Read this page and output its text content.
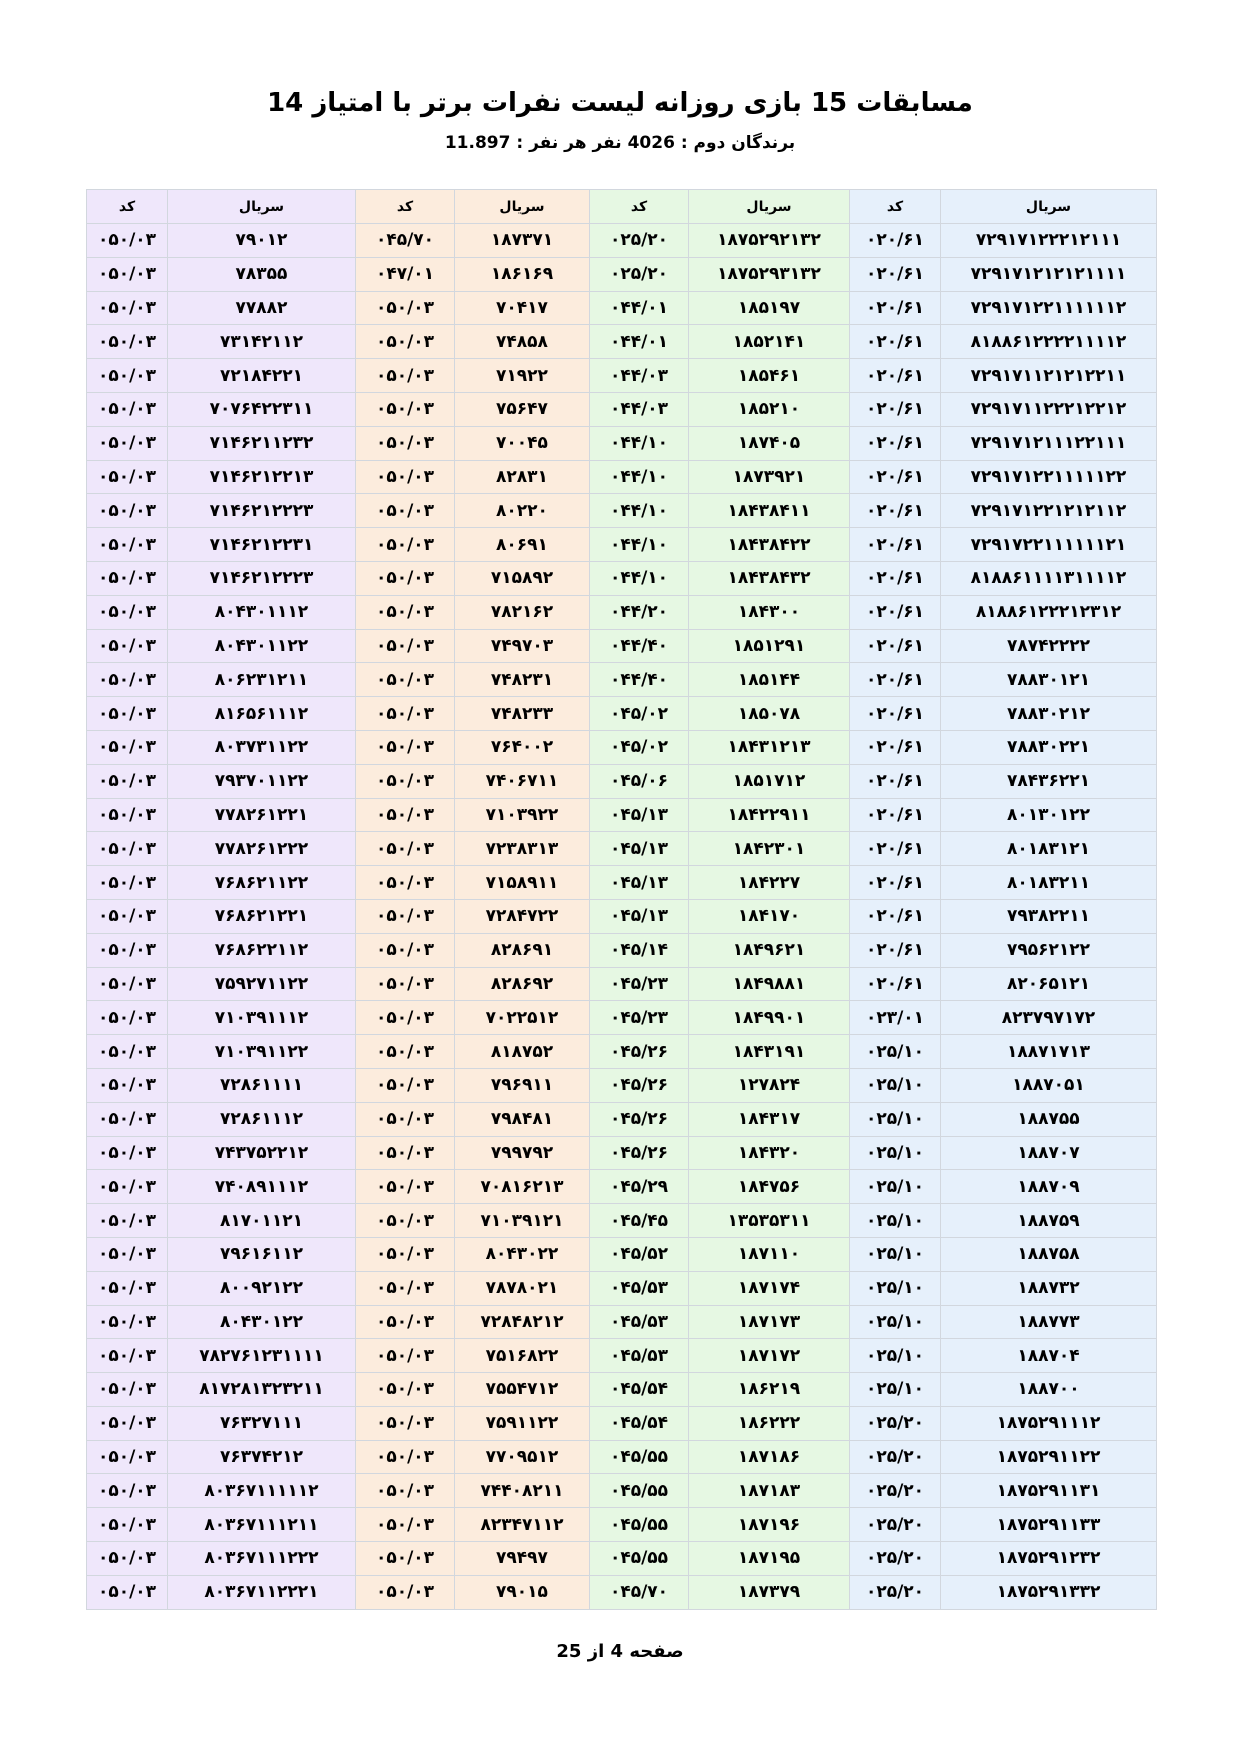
مسابقات 15 بازی روزانه لیست نفرات برتر با امتیاز 14
برندگان دوم : 4026 نفر هر نفر : 11.897
سریال	کد	سریال	کد	سریال	کد	سریال	کد
۷۲۹۱۷۱۲۲۲۱۲۱۱۱	۰۲۰/۶۱	۱۸۷۵۲۹۲۱۳۲	۰۲۵/۲۰	۱۸۷۳۷۱	۰۴۵/۷۰	۷۹۰۱۲	۰۵۰/۰۳
۷۲۹۱۷۱۲۱۲۱۲۱۱۱۱	۰۲۰/۶۱	۱۸۷۵۲۹۳۱۳۲	۰۲۵/۲۰	۱۸۶۱۶۹	۰۴۷/۰۱	۷۸۳۵۵	۰۵۰/۰۳
۷۲۹۱۷۱۲۲۱۱۱۱۱۱۲	۰۲۰/۶۱	۱۸۵۱۹۷	۰۴۴/۰۱	۷۰۴۱۷	۰۵۰/۰۳	۷۷۸۸۲	۰۵۰/۰۳
۸۱۸۸۶۱۲۲۲۲۱۱۱۱۲	۰۲۰/۶۱	۱۸۵۲۱۴۱	۰۴۴/۰۱	۷۴۸۵۸	۰۵۰/۰۳	۷۳۱۴۲۱۱۲	۰۵۰/۰۳
۷۲۹۱۷۱۱۲۱۲۱۲۲۱۱	۰۲۰/۶۱	۱۸۵۴۶۱	۰۴۴/۰۳	۷۱۹۲۲	۰۵۰/۰۳	۷۲۱۸۴۲۲۱	۰۵۰/۰۳
۷۲۹۱۷۱۱۲۲۲۱۲۲۱۲	۰۲۰/۶۱	۱۸۵۲۱۰	۰۴۴/۰۳	۷۵۶۴۷	۰۵۰/۰۳	۷۰۷۶۴۲۲۳۱۱	۰۵۰/۰۳
۷۲۹۱۷۱۲۱۱۱۲۲۱۱۱	۰۲۰/۶۱	۱۸۷۴۰۵	۰۴۴/۱۰	۷۰۰۴۵	۰۵۰/۰۳	۷۱۴۶۲۱۱۲۳۲	۰۵۰/۰۳
۷۲۹۱۷۱۲۲۱۱۱۱۱۲۲	۰۲۰/۶۱	۱۸۷۳۹۲۱	۰۴۴/۱۰	۸۲۸۳۱	۰۵۰/۰۳	۷۱۴۶۲۱۲۲۱۳	۰۵۰/۰۳
۷۲۹۱۷۱۲۲۱۲۱۲۱۱۲	۰۲۰/۶۱	۱۸۴۳۸۴۱۱	۰۴۴/۱۰	۸۰۲۲۰	۰۵۰/۰۳	۷۱۴۶۲۱۲۲۲۳	۰۵۰/۰۳
۷۲۹۱۷۲۲۱۱۱۱۱۱۲۱	۰۲۰/۶۱	۱۸۴۳۸۴۲۲	۰۴۴/۱۰	۸۰۶۹۱	۰۵۰/۰۳	۷۱۴۶۲۱۲۲۳۱	۰۵۰/۰۳
۸۱۸۸۶۱۱۱۱۳۱۱۱۱۲	۰۲۰/۶۱	۱۸۴۳۸۴۳۲	۰۴۴/۱۰	۷۱۵۸۹۲	۰۵۰/۰۳	۷۱۴۶۲۱۲۲۲۳	۰۵۰/۰۳
۸۱۸۸۶۱۲۲۲۱۲۳۱۲	۰۲۰/۶۱	۱۸۴۳۰۰	۰۴۴/۲۰	۷۸۲۱۶۲	۰۵۰/۰۳	۸۰۴۳۰۱۱۱۲	۰۵۰/۰۳
۷۸۷۴۲۲۲۲	۰۲۰/۶۱	۱۸۵۱۲۹۱	۰۴۴/۴۰	۷۴۹۷۰۳	۰۵۰/۰۳	۸۰۴۳۰۱۱۲۲	۰۵۰/۰۳
۷۸۸۳۰۱۲۱	۰۲۰/۶۱	۱۸۵۱۴۴	۰۴۴/۴۰	۷۴۸۲۳۱	۰۵۰/۰۳	۸۰۶۲۳۱۲۱۱	۰۵۰/۰۳
۷۸۸۳۰۲۱۲	۰۲۰/۶۱	۱۸۵۰۷۸	۰۴۵/۰۲	۷۴۸۲۳۳	۰۵۰/۰۳	۸۱۶۵۶۱۱۱۲	۰۵۰/۰۳
۷۸۸۳۰۲۲۱	۰۲۰/۶۱	۱۸۴۳۱۲۱۳	۰۴۵/۰۲	۷۶۴۰۰۲	۰۵۰/۰۳	۸۰۳۷۳۱۱۲۲	۰۵۰/۰۳
۷۸۴۳۶۲۲۱	۰۲۰/۶۱	۱۸۵۱۷۱۲	۰۴۵/۰۶	۷۴۰۶۷۱۱	۰۵۰/۰۳	۷۹۳۷۰۱۱۲۲	۰۵۰/۰۳
۸۰۱۳۰۱۲۲	۰۲۰/۶۱	۱۸۴۲۲۹۱۱	۰۴۵/۱۳	۷۱۰۳۹۲۲	۰۵۰/۰۳	۷۷۸۲۶۱۲۲۱	۰۵۰/۰۳
۸۰۱۸۳۱۲۱	۰۲۰/۶۱	۱۸۴۲۳۰۱	۰۴۵/۱۳	۷۲۳۸۳۱۳	۰۵۰/۰۳	۷۷۸۲۶۱۲۲۲	۰۵۰/۰۳
۸۰۱۸۳۲۱۱	۰۲۰/۶۱	۱۸۴۲۲۷	۰۴۵/۱۳	۷۱۵۸۹۱۱	۰۵۰/۰۳	۷۶۸۶۲۱۱۲۲	۰۵۰/۰۳
۷۹۳۸۲۲۱۱	۰۲۰/۶۱	۱۸۴۱۷۰	۰۴۵/۱۳	۷۲۸۴۷۲۲	۰۵۰/۰۳	۷۶۸۶۲۱۲۲۱	۰۵۰/۰۳
۷۹۵۶۲۱۲۲	۰۲۰/۶۱	۱۸۴۹۶۲۱	۰۴۵/۱۴	۸۲۸۶۹۱	۰۵۰/۰۳	۷۶۸۶۲۲۱۱۲	۰۵۰/۰۳
۸۲۰۶۵۱۲۱	۰۲۰/۶۱	۱۸۴۹۸۸۱	۰۴۵/۲۳	۸۲۸۶۹۲	۰۵۰/۰۳	۷۵۹۲۷۱۱۲۲	۰۵۰/۰۳
۸۲۳۷۹۷۱۷۲	۰۲۳/۰۱	۱۸۴۹۹۰۱	۰۴۵/۲۳	۷۰۲۲۵۱۲	۰۵۰/۰۳	۷۱۰۳۹۱۱۱۲	۰۵۰/۰۳
۱۸۸۷۱۷۱۳	۰۲۵/۱۰	۱۸۴۳۱۹۱	۰۴۵/۲۶	۸۱۸۷۵۲	۰۵۰/۰۳	۷۱۰۳۹۱۱۲۲	۰۵۰/۰۳
۱۸۸۷۰۵۱	۰۲۵/۱۰	۱۲۷۸۲۴	۰۴۵/۲۶	۷۹۶۹۱۱	۰۵۰/۰۳	۷۲۸۶۱۱۱۱	۰۵۰/۰۳
۱۸۸۷۵۵	۰۲۵/۱۰	۱۸۴۳۱۷	۰۴۵/۲۶	۷۹۸۴۸۱	۰۵۰/۰۳	۷۲۸۶۱۱۱۲	۰۵۰/۰۳
۱۸۸۷۰۷	۰۲۵/۱۰	۱۸۴۳۲۰	۰۴۵/۲۶	۷۹۹۷۹۲	۰۵۰/۰۳	۷۴۳۷۵۲۲۱۲	۰۵۰/۰۳
۱۸۸۷۰۹	۰۲۵/۱۰	۱۸۴۷۵۶	۰۴۵/۲۹	۷۰۸۱۶۲۱۳	۰۵۰/۰۳	۷۴۰۸۹۱۱۱۲	۰۵۰/۰۳
۱۸۸۷۵۹	۰۲۵/۱۰	۱۳۵۳۵۳۱۱	۰۴۵/۴۵	۷۱۰۳۹۱۲۱	۰۵۰/۰۳	۸۱۷۰۱۱۲۱	۰۵۰/۰۳
۱۸۸۷۵۸	۰۲۵/۱۰	۱۸۷۱۱۰	۰۴۵/۵۲	۸۰۴۳۰۲۲	۰۵۰/۰۳	۷۹۶۱۶۱۱۲	۰۵۰/۰۳
۱۸۸۷۳۲	۰۲۵/۱۰	۱۸۷۱۷۴	۰۴۵/۵۳	۷۸۷۸۰۲۱	۰۵۰/۰۳	۸۰۰۹۲۱۲۲	۰۵۰/۰۳
۱۸۸۷۷۳	۰۲۵/۱۰	۱۸۷۱۷۳	۰۴۵/۵۳	۷۲۸۴۸۲۱۲	۰۵۰/۰۳	۸۰۴۳۰۱۲۲	۰۵۰/۰۳
۱۸۸۷۰۴	۰۲۵/۱۰	۱۸۷۱۷۲	۰۴۵/۵۳	۷۵۱۶۸۲۲	۰۵۰/۰۳	۷۸۲۷۶۱۲۳۱۱۱۱	۰۵۰/۰۳
۱۸۸۷۰۰	۰۲۵/۱۰	۱۸۶۲۱۹	۰۴۵/۵۴	۷۵۵۴۷۱۲	۰۵۰/۰۳	۸۱۷۲۸۱۳۲۳۲۱۱	۰۵۰/۰۳
۱۸۷۵۲۹۱۱۱۲	۰۲۵/۲۰	۱۸۶۲۲۲	۰۴۵/۵۴	۷۵۹۱۱۲۲	۰۵۰/۰۳	۷۶۳۲۷۱۱۱	۰۵۰/۰۳
۱۸۷۵۲۹۱۱۲۲	۰۲۵/۲۰	۱۸۷۱۸۶	۰۴۵/۵۵	۷۷۰۹۵۱۲	۰۵۰/۰۳	۷۶۳۷۴۲۱۲	۰۵۰/۰۳
۱۸۷۵۲۹۱۱۳۱	۰۲۵/۲۰	۱۸۷۱۸۳	۰۴۵/۵۵	۷۴۴۰۸۲۱۱	۰۵۰/۰۳	۸۰۳۶۷۱۱۱۱۱۲	۰۵۰/۰۳
۱۸۷۵۲۹۱۱۳۳	۰۲۵/۲۰	۱۸۷۱۹۶	۰۴۵/۵۵	۸۲۳۴۷۱۱۲	۰۵۰/۰۳	۸۰۳۶۷۱۱۱۲۱۱	۰۵۰/۰۳
۱۸۷۵۲۹۱۲۳۲	۰۲۵/۲۰	۱۸۷۱۹۵	۰۴۵/۵۵	۷۹۴۹۷	۰۵۰/۰۳	۸۰۳۶۷۱۱۱۲۲۲	۰۵۰/۰۳
۱۸۷۵۲۹۱۳۳۲	۰۲۵/۲۰	۱۸۷۳۷۹	۰۴۵/۷۰	۷۹۰۱۵	۰۵۰/۰۳	۸۰۳۶۷۱۱۲۲۲۱	۰۵۰/۰۳
صفحه 4 از 25
